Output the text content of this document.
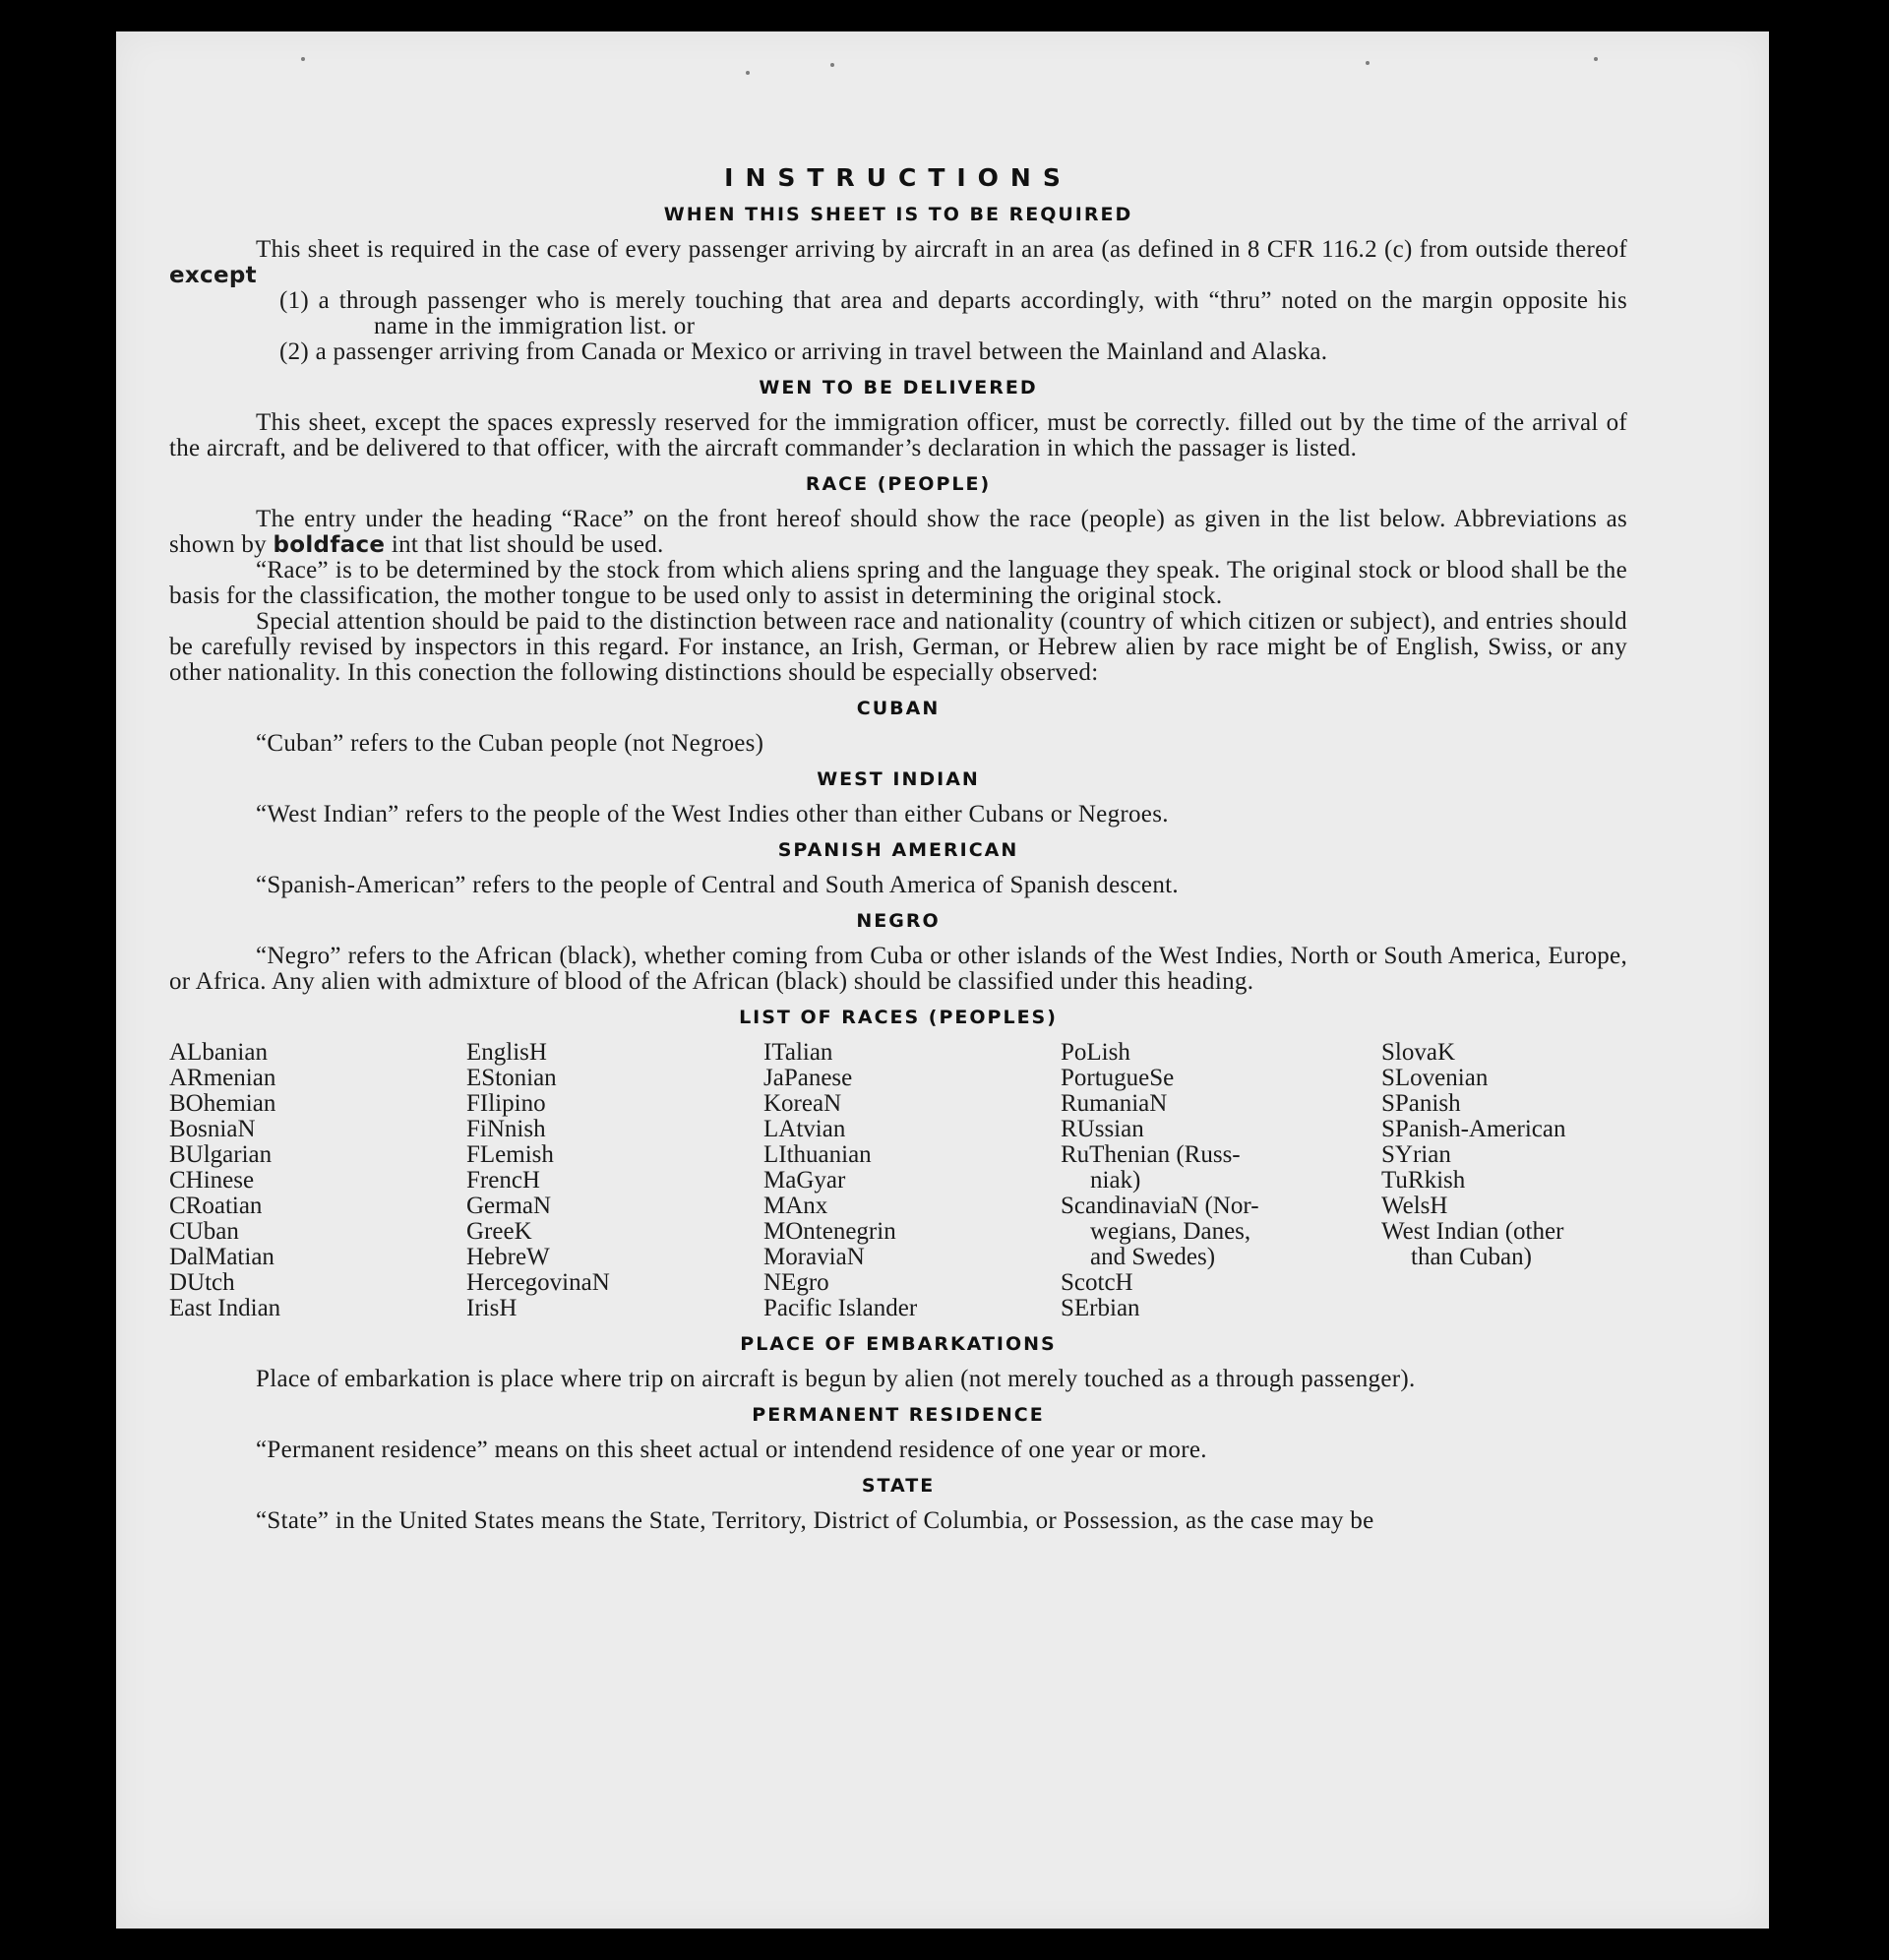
INSTRUCTIONS
WHEN THIS SHEET IS TO BE REQUIRED

This sheet is required in the case of every passenger arriving by aircraft in an area (as defined in 8 CFR 116.2 (c) from outside thereof except

(1) a through passenger who is merely touching that area and departs accordingly, with “thru” noted on the margin opposite his name in the immigration list. or

(2) a passenger arriving from Canada or Mexico or arriving in travel between the Mainland and Alaska.

WEN TO BE DELIVERED

This sheet, except the spaces expressly reserved for the immigration officer, must be correctly. filled out by the time of the arrival of the aircraft, and be delivered to that officer, with the aircraft commander’s declaration in which the passager is listed.

RACE (PEOPLE)

The entry under the heading “Race” on the front hereof should show the race (people) as given in the list below. Abbreviations as shown by boldface int that list should be used.

“Race” is to be determined by the stock from which aliens spring and the language they speak. The original stock or blood shall be the basis for the classification, the mother tongue to be used only to assist in determining the original stock.

Special attention should be paid to the distinction between race and nationality (country of which citizen or subject), and entries should be carefully revised by inspectors in this regard. For instance, an Irish, German, or Hebrew alien by race might be of English, Swiss, or any other nationality. In this conection the following distinctions should be especially observed:

CUBAN

“Cuban” refers to the Cuban people (not Negroes)

WEST INDIAN

“West Indian” refers to the people of the West Indies other than either Cubans or Negroes.

SPANISH AMERICAN

“Spanish-American” refers to the people of Central and South America of Spanish descent.

NEGRO

“Negro” refers to the African (black), whether coming from Cuba or other islands of the West Indies, North or South America, Europe, or Africa. Any alien with admixture of blood of the African (black) should be classified under this heading.

LIST OF RACES (PEOPLES)
ALbanian
ARmenian
BOhemian
BosniaN
BUlgarian
CHinese
CRoatian
CUban
DalMatian
DUtch
East Indian
EnglisH
EStonian
FIlipino
FiNnish
FLemish
FrencH
GermaN
GreeK
HebreW
HercegovinaN
IrisH
ITalian
JaPanese
KoreaN
LAtvian
LIthuanian
MaGyar
MAnx
MOntenegrin
MoraviaN
NEgro
Pacific Islander
PoLish
PortugueSe
RumaniaN
RUssian
RuThenian (Russ-
niak)
ScandinaviaN (Nor-
wegians, Danes,
and Swedes)
ScotcH
SErbian
SlovaK
SLovenian
SPanish
SPanish-American
SYrian
TuRkish
WelsH
West Indian (other
than Cuban)
PLACE OF EMBARKATIONS

Place of embarkation is place where trip on aircraft is begun by alien (not merely touched as a through passenger).

PERMANENT RESIDENCE

“Permanent residence” means on this sheet actual or intendend residence of one year or more.

STATE

“State” in the United States means the State, Territory, District of Columbia, or Possession, as the case may be
